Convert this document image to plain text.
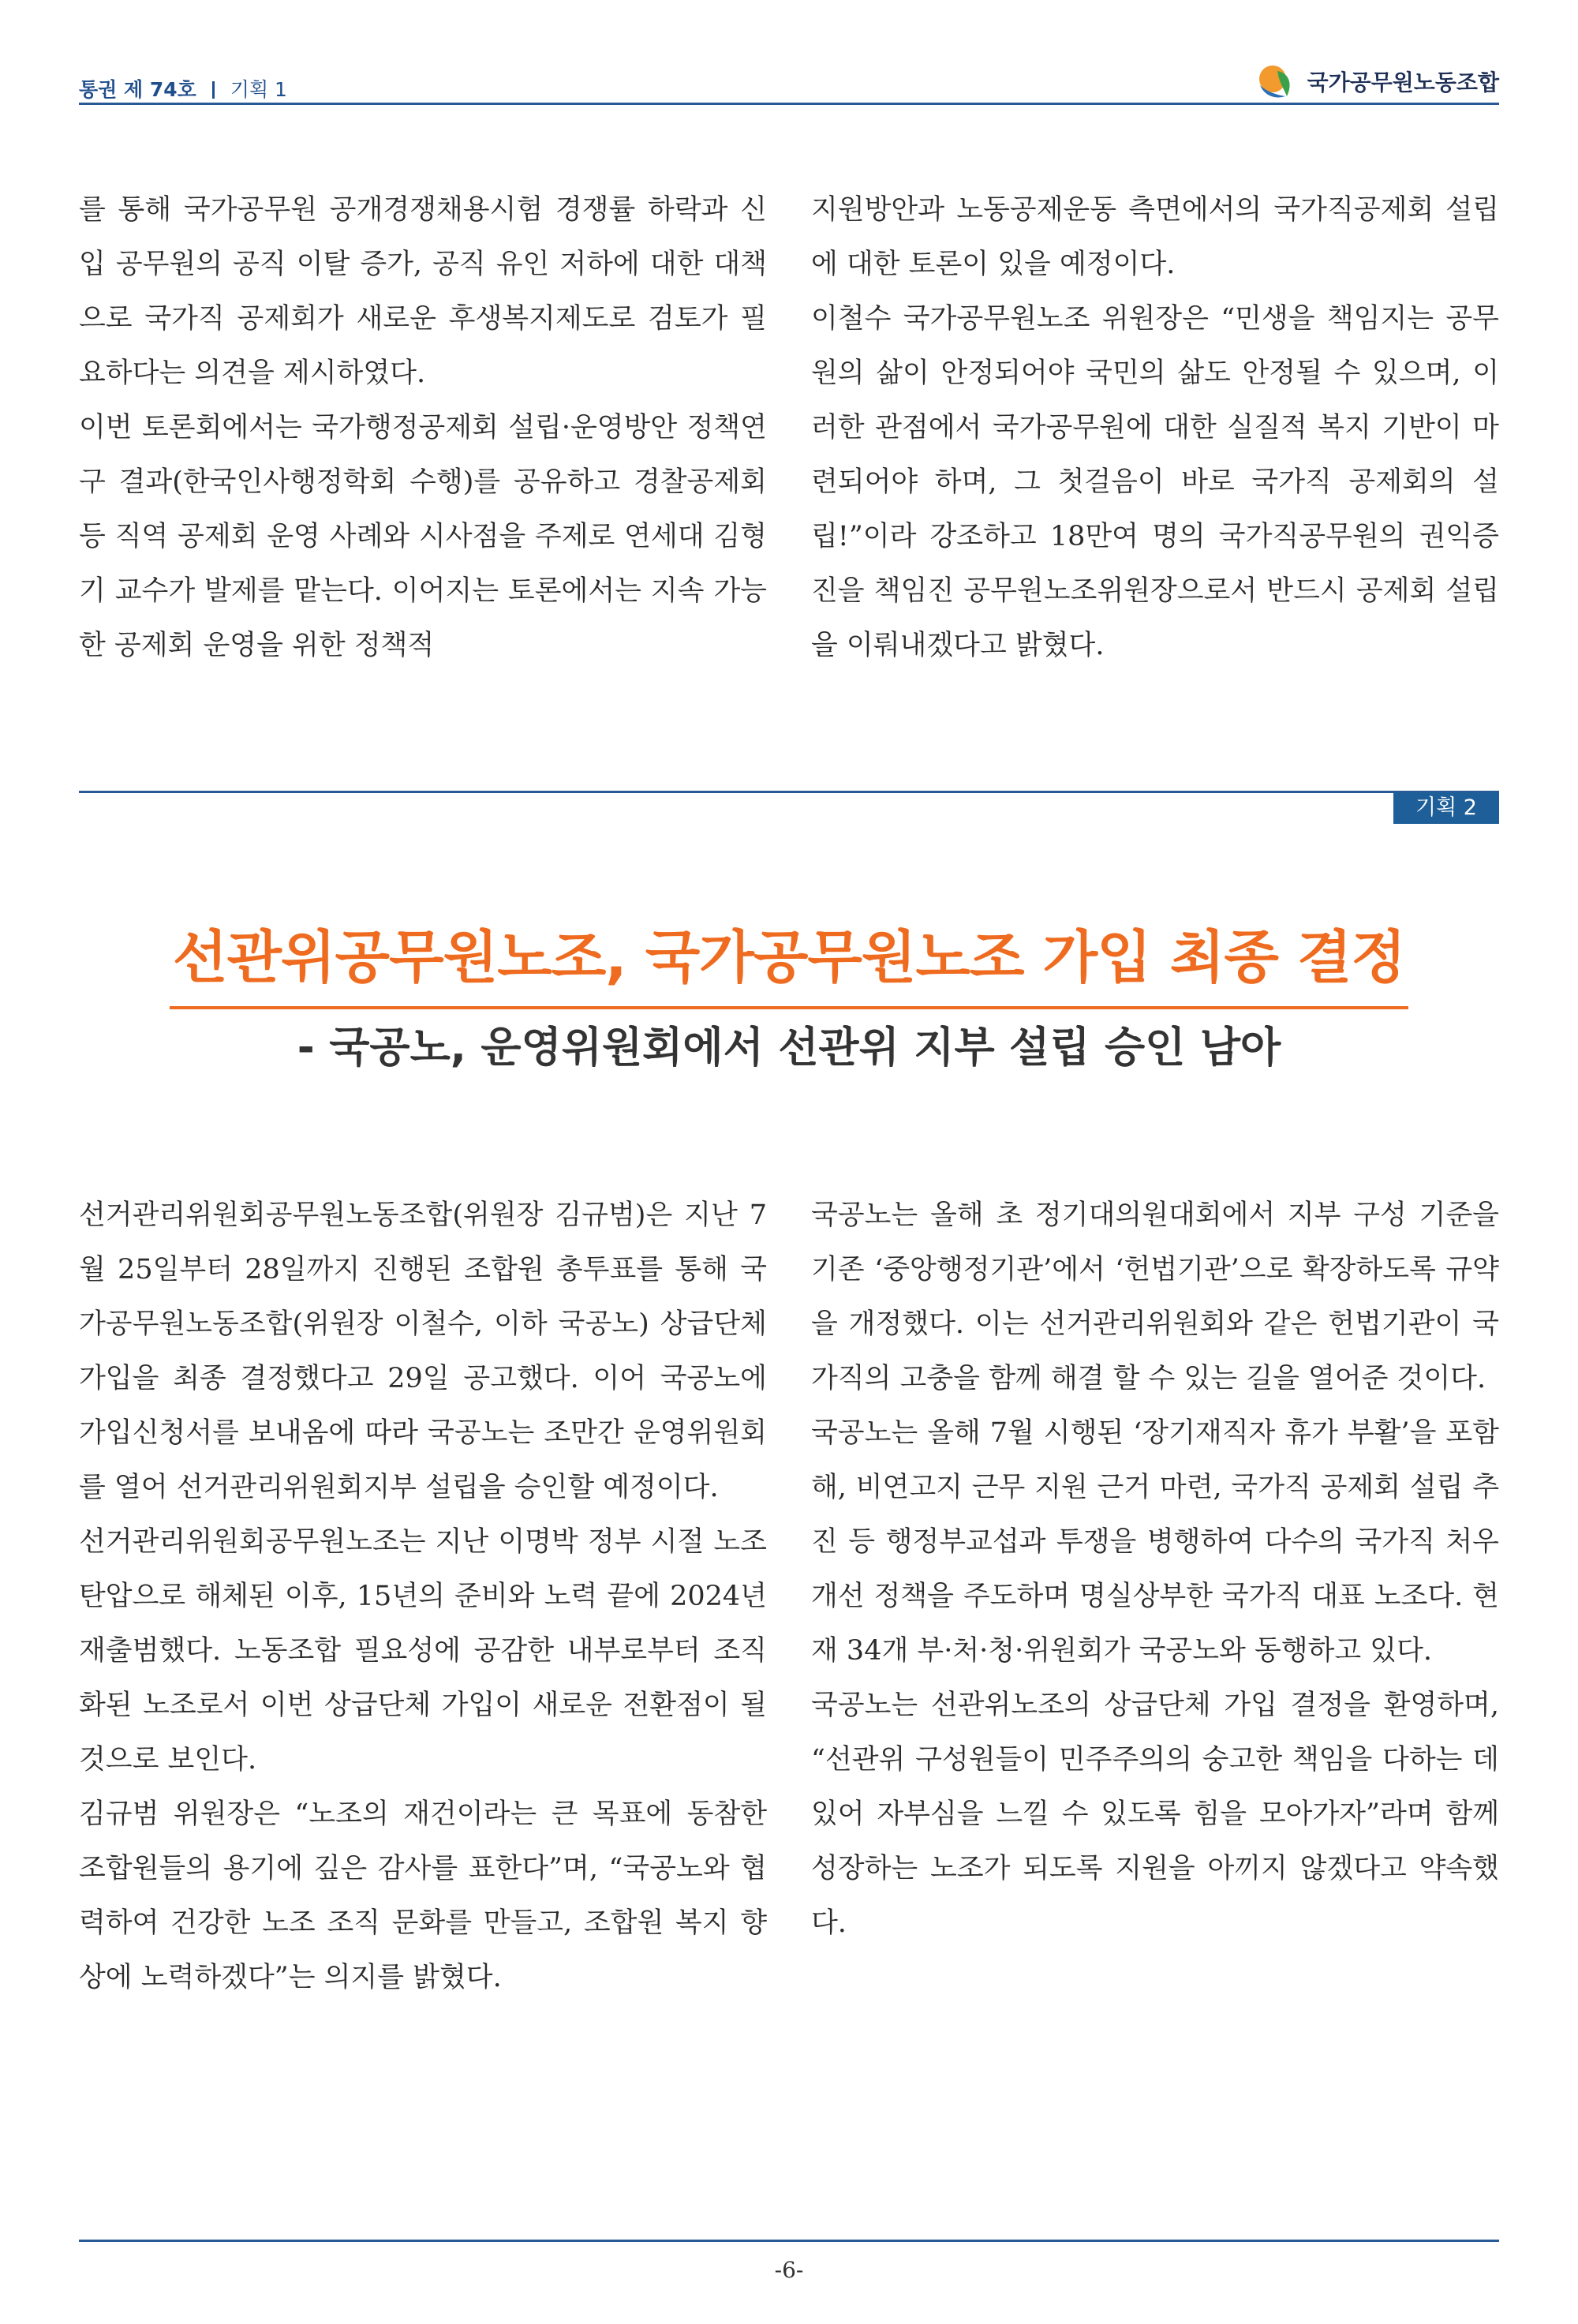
통권 제 74호 기획 1	국가공무원노동조합

를 통해 국가공무원 공개경쟁채용시험 경쟁률 하락과 신입 공무원의 공직 이탈 증가, 공직 유인 저하에 대한 대책으로 국가직 공제회가 새로운 후생복지제도로 검토가 필요하다는 의견을 제시하였다.

이번 토론회에서는 국가행정공제회 설립·운영방안 정책연구 결과(한국인사행정학회 수행)를 공유하고 경찰공제회 등 직역 공제회 운영 사례와 시사점을 주제로 연세대 김형기 교수가 발제를 맡는다. 이어지는 토론에서는 지속 가능한 공제회 운영을 위한 정책적

지원방안과 노동공제운동 측면에서의 국가직공제회 설립에 대한 토론이 있을 예정이다.

이철수 국가공무원노조 위원장은 “민생을 책임지는 공무원의 삶이 안정되어야 국민의 삶도 안정될 수 있으며, 이러한 관점에서 국가공무원에 대한 실질적 복지 기반이 마련되어야 하며, 그 첫걸음이 바로 국가직 공제회의 설립!”이라 강조하고 18만여 명의 국가직공무원의 권익증진을 책임진 공무원노조위원장으로서 반드시 공제회 설립을 이뤄내겠다고 밝혔다.

기획 2
선관위공무원노조, 국가공무원노조 가입 최종 결정
- 국공노, 운영위원회에서 선관위 지부 설립 승인 남아

선거관리위원회공무원노동조합(위원장 김규범)은 지난 7월 25일부터 28일까지 진행된 조합원 총투표를 통해 국가공무원노동조합(위원장 이철수, 이하 국공노) 상급단체 가입을 최종 결정했다고 29일 공고했다. 이어 국공노에 가입신청서를 보내옴에 따라 국공노는 조만간 운영위원회를 열어 선거관리위원회지부 설립을 승인할 예정이다.

선거관리위원회공무원노조는 지난 이명박 정부 시절 노조 탄압으로 해체된 이후, 15년의 준비와 노력 끝에 2024년 재출범했다. 노동조합 필요성에 공감한 내부로부터 조직화된 노조로서 이번 상급단체 가입이 새로운 전환점이 될 것으로 보인다.

김규범 위원장은 “노조의 재건이라는 큰 목표에 동참한 조합원들의 용기에 깊은 감사를 표한다”며, “국공노와 협력하여 건강한 노조 조직 문화를 만들고, 조합원 복지 향상에 노력하겠다”는 의지를 밝혔다.

국공노는 올해 초 정기대의원대회에서 지부 구성 기준을 기존 ‘중앙행정기관’에서 ‘헌법기관’으로 확장하도록 규약을 개정했다. 이는 선거관리위원회와 같은 헌법기관이 국가직의 고충을 함께 해결 할 수 있는 길을 열어준 것이다.

국공노는 올해 7월 시행된 ‘장기재직자 휴가 부활’을 포함해, 비연고지 근무 지원 근거 마련, 국가직 공제회 설립 추진 등 행정부교섭과 투쟁을 병행하여 다수의 국가직 처우 개선 정책을 주도하며 명실상부한 국가직 대표 노조다. 현재 34개 부·처·청·위원회가 국공노와 동행하고 있다.

국공노는 선관위노조의 상급단체 가입 결정을 환영하며, “선관위 구성원들이 민주주의의 숭고한 책임을 다하는 데 있어 자부심을 느낄 수 있도록 힘을 모아가자”라며 함께 성장하는 노조가 되도록 지원을 아끼지 않겠다고 약속했다.

-6-
